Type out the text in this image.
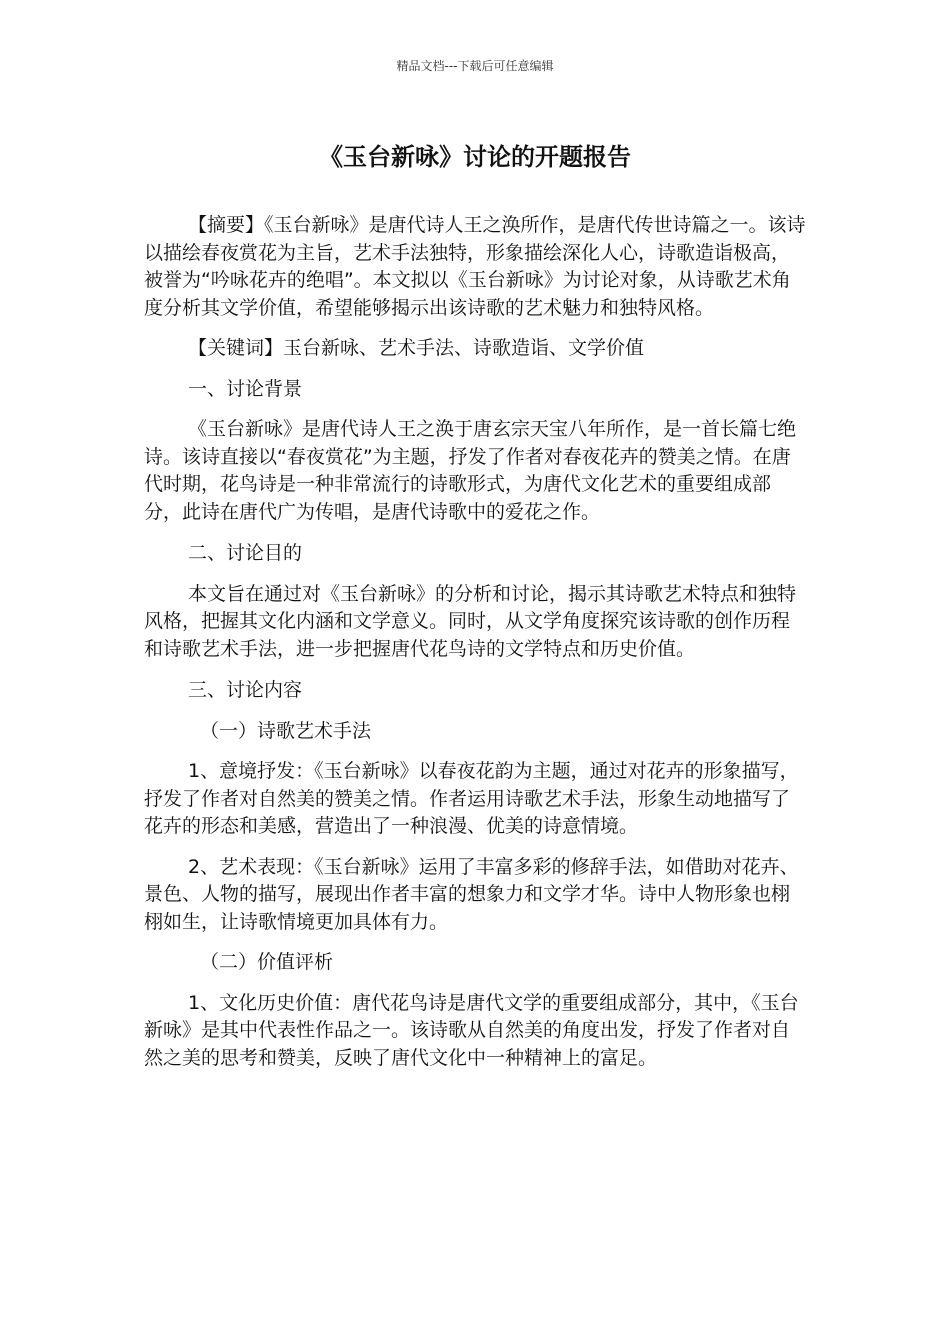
精品文档---下载后可任意编辑
《玉台新咏》讨论的开题报告

【摘要】《玉台新咏》是唐代诗人王之涣所作，是唐代传世诗篇之一。该诗以描绘春夜赏花为主旨，艺术手法独特，形象描绘深化人心，诗歌造诣极高，被誉为“吟咏花卉的绝唱”。本文拟以《玉台新咏》为讨论对象，从诗歌艺术角度分析其文学价值，希望能够揭示出该诗歌的艺术魅力和独特风格。

【关键词】玉台新咏、艺术手法、诗歌造诣、文学价值

一、讨论背景

《玉台新咏》是唐代诗人王之涣于唐玄宗天宝八年所作，是一首长篇七绝诗。该诗直接以“春夜赏花”为主题，抒发了作者对春夜花卉的赞美之情。在唐代时期，花鸟诗是一种非常流行的诗歌形式，为唐代文化艺术的重要组成部分，此诗在唐代广为传唱，是唐代诗歌中的爱花之作。

二、讨论目的

本文旨在通过对《玉台新咏》的分析和讨论，揭示其诗歌艺术特点和独特风格，把握其文化内涵和文学意义。同时，从文学角度探究该诗歌的创作历程和诗歌艺术手法，进一步把握唐代花鸟诗的文学特点和历史价值。

三、讨论内容

（一）诗歌艺术手法

1、意境抒发：《玉台新咏》以春夜花韵为主题，通过对花卉的形象描写，抒发了作者对自然美的赞美之情。作者运用诗歌艺术手法，形象生动地描写了花卉的形态和美感，营造出了一种浪漫、优美的诗意情境。

2、艺术表现：《玉台新咏》运用了丰富多彩的修辞手法，如借助对花卉、景色、人物的描写，展现出作者丰富的想象力和文学才华。诗中人物形象也栩栩如生，让诗歌情境更加具体有力。

（二）价值评析

1、文化历史价值：唐代花鸟诗是唐代文学的重要组成部分，其中，《玉台新咏》是其中代表性作品之一。该诗歌从自然美的角度出发，抒发了作者对自然之美的思考和赞美，反映了唐代文化中一种精神上的富足。
